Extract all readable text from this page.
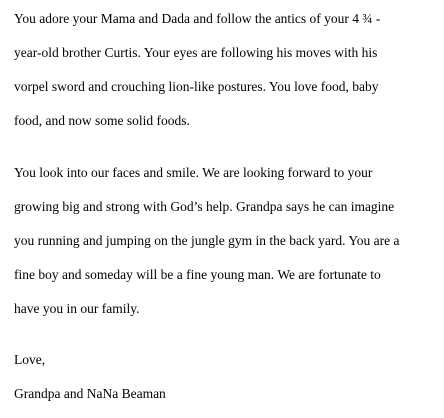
You adore your Mama and Dada and follow the antics of your 4 ¾ -
year-old brother Curtis. Your eyes are following his moves with his
vorpel sword and crouching lion-like postures. You love food, baby
food, and now some solid foods.
You look into our faces and smile. We are looking forward to your
growing big and strong with God’s help. Grandpa says he can imagine
you running and jumping on the jungle gym in the back yard. You are a
fine boy and someday will be a fine young man. We are fortunate to
have you in our family.
Love,
Grandpa and NaNa Beaman
